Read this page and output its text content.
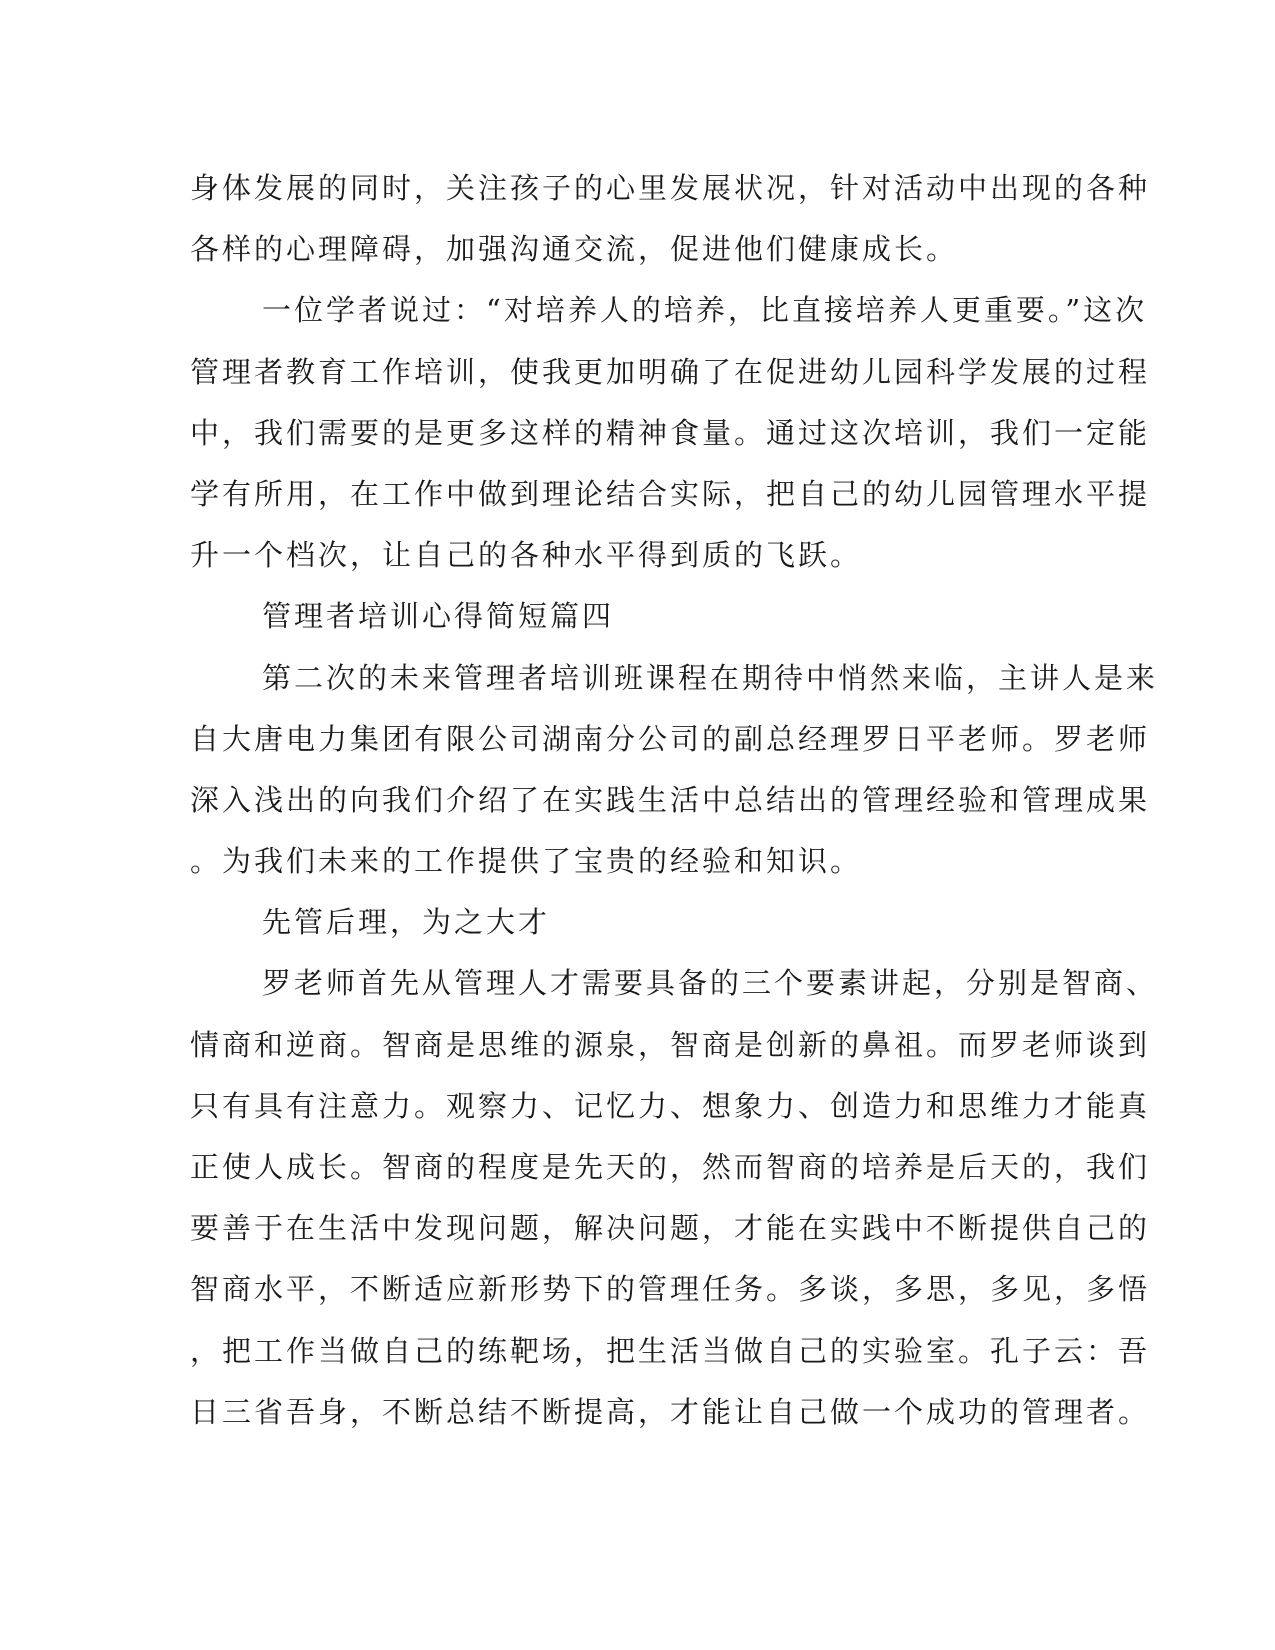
身体发展的同时，关注孩子的心里发展状况，针对活动中出现的各种

各样的心理障碍，加强沟通交流，促进他们健康成长。

一位学者说过：“对培养人的培养，比直接培养人更重要。”这次

管理者教育工作培训，使我更加明确了在促进幼儿园科学发展的过程

中，我们需要的是更多这样的精神食量。通过这次培训，我们一定能

学有所用，在工作中做到理论结合实际，把自己的幼儿园管理水平提

升一个档次，让自己的各种水平得到质的飞跃。

管理者培训心得简短篇四

第二次的未来管理者培训班课程在期待中悄然来临，主讲人是来

自大唐电力集团有限公司湖南分公司的副总经理罗日平老师。罗老师

深入浅出的向我们介绍了在实践生活中总结出的管理经验和管理成果

。为我们未来的工作提供了宝贵的经验和知识。

先管后理，为之大才

罗老师首先从管理人才需要具备的三个要素讲起，分别是智商、

情商和逆商。智商是思维的源泉，智商是创新的鼻祖。而罗老师谈到

只有具有注意力。观察力、记忆力、想象力、创造力和思维力才能真

正使人成长。智商的程度是先天的，然而智商的培养是后天的，我们

要善于在生活中发现问题，解决问题，才能在实践中不断提供自己的

智商水平，不断适应新形势下的管理任务。多谈，多思，多见，多悟

，把工作当做自己的练靶场，把生活当做自己的实验室。孔子云：吾

日三省吾身，不断总结不断提高，才能让自己做一个成功的管理者。
